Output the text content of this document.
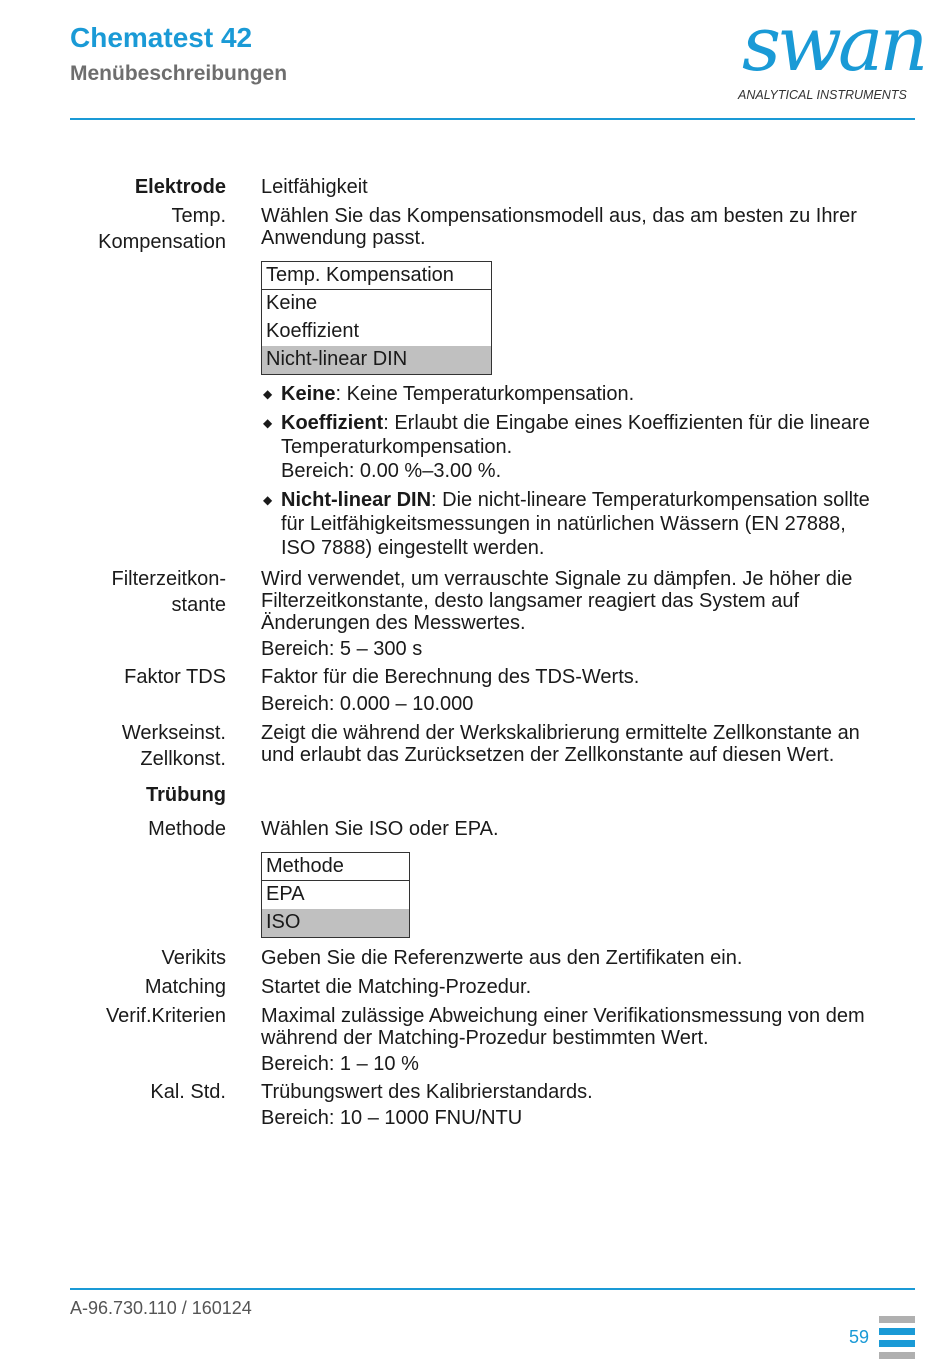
Chematest 42
Menübeschreibungen	swan
ANALYTICAL INSTRUMENTS
Elektrode Leitfähigkeit
Temp.
Kompensation
Wählen Sie das Kompensationsmodell aus, das am besten zu Ihrer
Anwendung passt.
Temp. Kompensation
Keine
Koeffizient
Nicht-linear DIN
◆ Keine: Keine Temperaturkompensation.
◆ Koeffizient: Erlaubt die Eingabe eines Koeffizienten für die lineare
Temperaturkompensation.
Bereich: 0.00 %–3.00 %.
◆ Nicht-linear DIN: Die nicht-lineare Temperaturkompensation sollte
für Leitfähigkeitsmessungen in natürlichen Wässern (EN 27888,
ISO 7888) eingestellt werden.
Filterzeitkon-
stante
Wird verwendet, um verrauschte Signale zu dämpfen. Je höher die
Filterzeitkonstante, desto langsamer reagiert das System auf
Änderungen des Messwertes.
Bereich: 5 – 300 s
Faktor TDS Faktor für die Berechnung des TDS-Werts.
Bereich: 0.000 – 10.000
Werkseinst.
Zellkonst.
Zeigt die während der Werkskalibrierung ermittelte Zellkonstante an
und erlaubt das Zurücksetzen der Zellkonstante auf diesen Wert.
Trübung
Methode Wählen Sie ISO oder EPA.
Methode
EPA
ISO
Verikits Geben Sie die Referenzwerte aus den Zertifikaten ein.
Matching Startet die Matching-Prozedur.
Verif.Kriterien Maximal zulässige Abweichung einer Verifikationsmessung von dem
während der Matching-Prozedur bestimmten Wert.
Bereich: 1 – 10 %
Kal. Std. Trübungswert des Kalibrierstandards.
Bereich: 10 – 1000 FNU/NTU
A-96.730.110 / 160124
59
